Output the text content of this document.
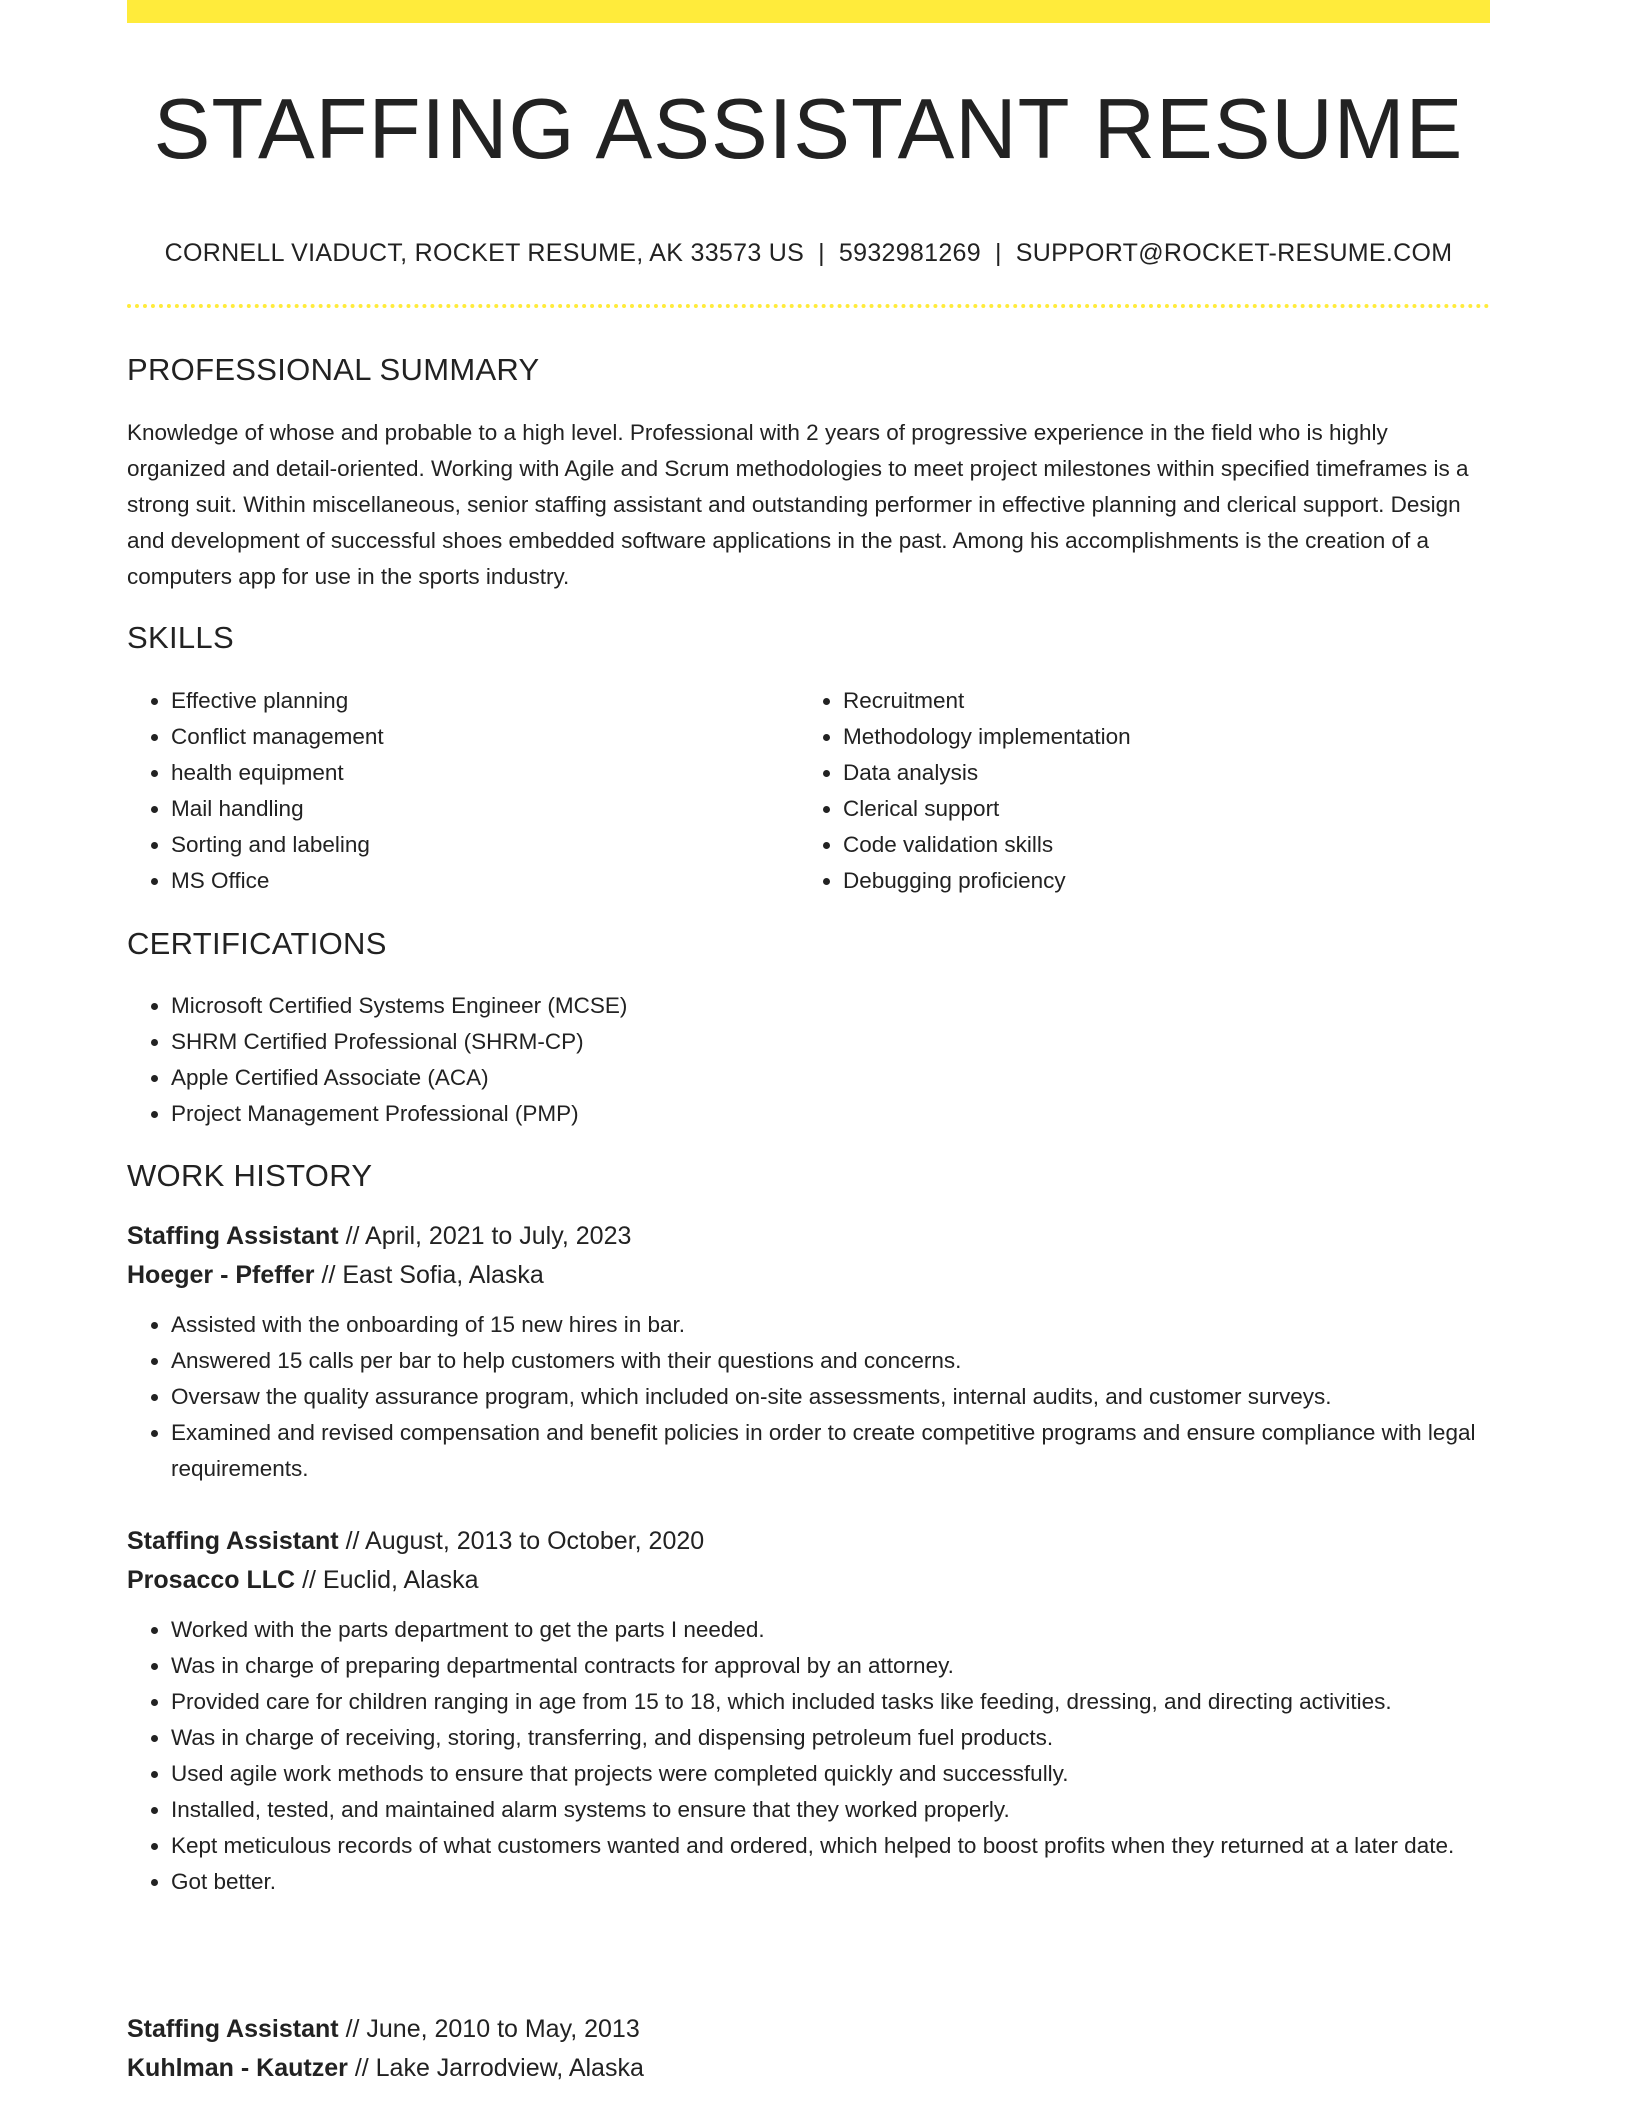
STAFFING ASSISTANT RESUME
CORNELL VIADUCT, ROCKET RESUME, AK 33573 US | 5932981269 | SUPPORT@ROCKET-RESUME.COM
PROFESSIONAL SUMMARY

Knowledge of whose and probable to a high level. Professional with 2 years of progressive experience in the field who is highly organized and detail-oriented. Working with Agile and Scrum methodologies to meet project milestones within specified timeframes is a strong suit. Within miscellaneous, senior staffing assistant and outstanding performer in effective planning and clerical support. Design and development of successful shoes embedded software applications in the past. Among his accomplishments is the creation of a computers app for use in the sports industry.

SKILLS
• Effective planning
• Conflict management
• health equipment
• Mail handling
• Sorting and labeling
• MS Office
• Recruitment
• Methodology implementation
• Data analysis
• Clerical support
• Code validation skills
• Debugging proficiency
CERTIFICATIONS
• Microsoft Certified Systems Engineer (MCSE)
• SHRM Certified Professional (SHRM-CP)
• Apple Certified Associate (ACA)
• Project Management Professional (PMP)
WORK HISTORY
Staffing Assistant // April, 2021 to July, 2023
Hoeger - Pfeffer // East Sofia, Alaska
• Assisted with the onboarding of 15 new hires in bar.
• Answered 15 calls per bar to help customers with their questions and concerns.
• Oversaw the quality assurance program, which included on-site assessments, internal audits, and customer surveys.
• Examined and revised compensation and benefit policies in order to create competitive programs and ensure compliance with legal requirements.
Staffing Assistant // August, 2013 to October, 2020
Prosacco LLC // Euclid, Alaska
• Worked with the parts department to get the parts I needed.
• Was in charge of preparing departmental contracts for approval by an attorney.
• Provided care for children ranging in age from 15 to 18, which included tasks like feeding, dressing, and directing activities.
• Was in charge of receiving, storing, transferring, and dispensing petroleum fuel products.
• Used agile work methods to ensure that projects were completed quickly and successfully.
• Installed, tested, and maintained alarm systems to ensure that they worked properly.
• Kept meticulous records of what customers wanted and ordered, which helped to boost profits when they returned at a later date.
• Got better.
Staffing Assistant // June, 2010 to May, 2013
Kuhlman - Kautzer // Lake Jarrodview, Alaska
